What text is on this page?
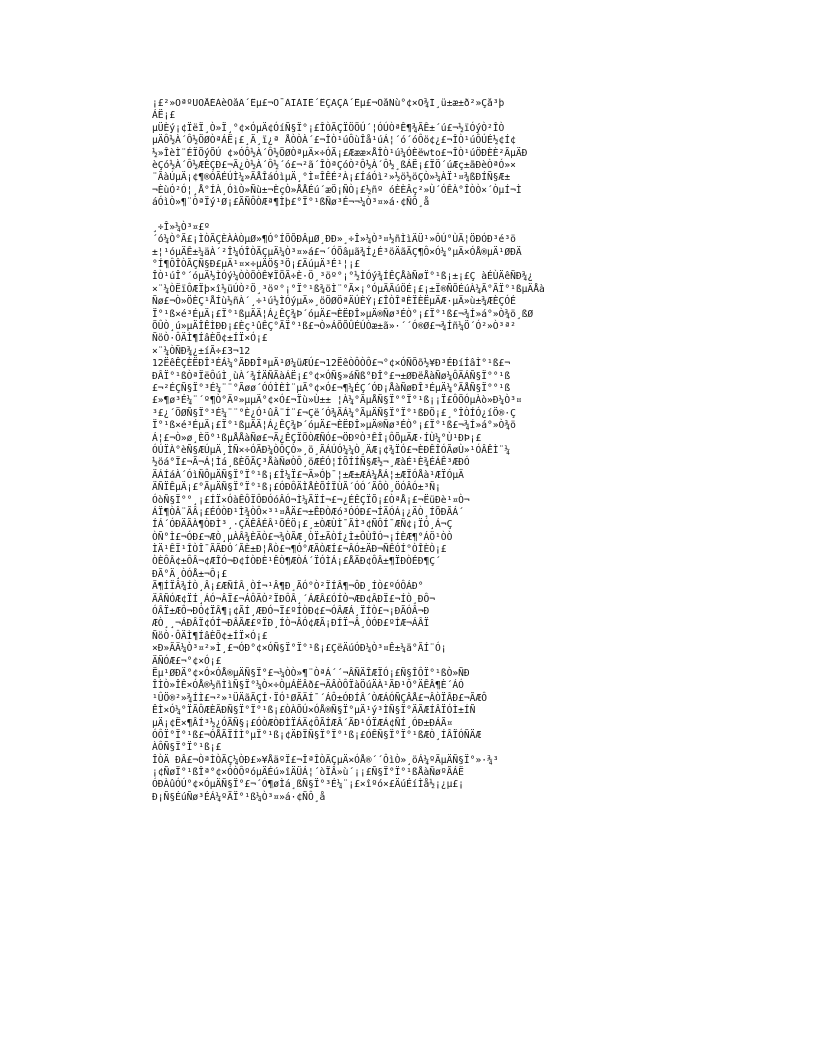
¡£²»ÒªºÜÖÅÉÀèÕåÃ´Êµ£¬Ò¯ÀÏÀÏÈ´ÊÇÄÇÃ´Êµ£¬ÕåÑù°¢×Ó¾Í¸ü±æ±ð²»Çå³þ
ÁË¡£
µÜÈý¡¢ÏëÏ¸Ò»Ï¸°¢×ÓµÄ¢ÓíÑ§Ï°¡£ÎÒÃÇÏÖÕÚ´¦ÓÚÒªÊ¶¾ÃÊ±´ú£¬½ïÓýÒ²ÎÒ
µÄÔ½À´Ô½ÖØÒªÁË¡£¸Ä¸ï¿ª ÅÒÒÀ´£¬ÎÒ¹úÔùÎå¹úÁ¦´ó´óÔö¢¿£¬ÎÒ¹úÔÚÉ½¢Í¢
½»ÎèÌ¨ÉÏÕýÕÚ ¢»ÓÔ½À´Ô½ÖØÒªµÄ×÷ÓÃ¡£Æææ×ÅÎÒ¹ú¼ÓÈëwto£¬ÎÒ¹úÖÐÈÈ²ÃµÄÐ
èÇó½À´Ô½ÆÈÇÐ£¬Ã¿Ò½À´Ô½´ó£¬²ã´ÎÒªÇóÒ²Ô½À´Ô½¸ßÁË¡£ÏÖ´úÆç±ãÐèÒªÓ»×
¨ÃàÚµÄ¡¢¶®ÓÃÉÚÌ¼»ÃÅÎáÓìµÄ¸°Ì¤ÎÊÉ²À¡£ÍáÓì²»½ö½öÇÒ»¼ÀÏ¹¤¾ßÐÍÑ§Æ±
¬ÈùÓ²Ó¦¸Å°ÍÀ¸ÓìÒ»Ñù±¬ÈçÒ»ÅÅÉú´æÖ¡ÑÒ¡£½ñº óÈÈÂç²»Ù´ÓÊÀ°ÎÒÒ×´ÒµÍ¬Ì
áÓìÒ»¶¨ÒªÏý¹Ø¡£ÃÑÔÒÆª¶Ìþ£°Ï°¹ßÑø³É¬¬¼Ò³¤»á·¢ÑÔ¸å
¸÷Î»¼Ò³¤£º
´ó¼Ò°Ã£¡ÌÒÃÇÈÀÀÒµØ»¶Ó°ÍÕÕÐÂµØ¸ÐÐ»¸÷Î»¼Ò³¤½ñÌìÄÜ¹»ÔÚ°ÙÃ¦ÖÐÓÐ³é³ö
±¦¹óµÄÊ±¼äÀ´²Î¼ÓÎÒÃÇµÄ¼Ò³¤»á£¬´ÓÕâµã¾Í¿É³öÄãÃÇ¶Ô×Ó¼°µÄ×ÓÅ®µÄ¹ØÐÄ
°Í¶ÔÎÒÃÇÑ§Ð£µÄ¹¤×÷µÄÖ§³Ö¡£ÄúµÄ³É¹¦¡£
ÎÒ¹úÎ°´óµÄ½ÌÓý¼ÒÒÕÒÊ¥ÏÕÃ÷È·Ö¸³öº°¡°½ÌÓý¾ÍÊÇÅàÑøÏ°¹ß¡±¡£Ç àÉÙÄêÑÐ¾¿
×¨¼ÒËïÔÆÏþ×î½üÚÒ²Ö¸³öº°¡°Ï°¹ß¾öÌ¨°Ã×¡°ÓµÃÃúÖÉ¡£¡±Ï®ÑÕÉúÀ¼Ã°ÃÏ°¹ßµÄÅà
Ñø£¬Ò»ÖÈÇ¹ÅÍù½ñÀ´¸÷¹ú½ÌÓýµÄ»¸öÖØÖªÄÚÈÝ¡£ÎÒÎªÈÏÈËµÄÆ·µÄ»ù±¾ÆÈÇÓÉ
Ï°¹ß×é³ÉµÄ¡£Ï°¹ßµÄÄ¦Á¿ÊÇ¾Þ´óµÄ£¬ÈËÐÎ»µÄ®Ñø³ÉÒ°¡£Ï°¹ß£¬¾Í»á°»Ò¾ö¸ßØ
ÕÛÒ¸ú»µÄÎÊÌÐÐ¡£Èç¹ûÊÇ°ÃÏ°¹ß£¬Ò»ÁÕÕÛÉÚÒæ±ã»·´´Ó®Ø£¬¾Íñ¼Ö´Ó²»Ò³ª²
ÑöÒ·ÔÄÌ¶ÍâÈÕ¢±ÍÏ×Ó¡£
×¨¼ÒÑÐ¾¿±íÃ÷£3¬12
12ËêÊÇÈËÐÎ³ÉÁ¼°ÃÐÐÎªµÄ¹Ø¼üÆÚ£¬12ËêÒÔÒÔ£¬°¢×ÓÑÕõ½¥Ð³ÉÐíÍâÌ°¹ß£¬
ÐÂÏ°¹ßÒªÏëÔúÌ¸ùÀ´¾ÍÄÑÃàÁË¡£°¢×ÓÑ§»áÑß°ÐÎ°£¬±ØÐëÅàÑø¼ÔÄÁÑ§Ï°°¹ß
£¬²ÉÇÑ§Ï°³É¼¨¨°Ãøø´ÓÓÌÈÌ¨µÃ°¢×Ó£¬¶¼ÉÇ´ÓÐ¡ÅàÑøÐÎ³ÉµÄ¼°ÃÅÑ§Ï°°¹ß
£»¶ø³É¼¨´º¶Ò°Äº»µµÄ°¢×Ó£¬Ïù»Ù±± ¦À¼°ÃµÅÑ§Ï°°Ï°¹ß¡¡Ï£ÔÕÓµÀò»Ð¼Ò³¤
³£¿´ÖØÑ§Ï°³É¼¨¨°È¿Ó¹ûÂ¨Í¨£¬Çë´Ó¾ÃÁ¼°ÃµÄÑ§Ï°Ï°¹ßÐÖ¡£¸°ÎÒÍÓ¿íÖ®·Ç
Ï°¹ß×é³ÉµÄ¡£Ï°¹ßµÄÄ¦Á¿ÊÇ¾Þ´óµÄ£¬ÈËÐÎ»µÄ®Ñø³ÉÒ°¡£Ï°¹ß£¬¾Í»á°»Ò¾ö
Á¦£¬Ò»ø¸ÈÖ°¹ßµÅÅàÑø£¬Ã¿ÊÇÏÕÒÆÑÓ£¬ÖÐºÒ³ÊÎ¡ÔÕµÄÆ·ÍÙ¼°Ù¹ÐÞ¡£
ÓÚÏÀ°èÑ§ÆÚµÄ¸ÌÑ×÷ÓÃÐ¼ÒÔÇÒ»¸ö¸ÃÁÚÓ¼¼Ò¸ÄÆ¡¢¾ÏÓ£¬ÈÐÊÎÓÃøÙ»¹ÓÂÊÌ¨¼
½öá°Ï£¬Ã¬Á¦Ìá¸ßÈÕÃÇ³ÅàÑøÒÔ¸öÆÉÓ¦ÍÕÍÍÑ§Æ½¬¸ÆàÉ¹È¾ÉÁÊ³ÆÐÓ
ÄÁÍáÀ´ÓìÑÔµÄÑ§Ï°Ï°¹ß¡£Î¼Ï£¬Ã»Óþ¯¦±Æ±ÆÁ¼ÅÁ¦±ÆÏÓÅà¹ÆÏÓµÄ
ÄÑÏÊµÄ¡£°ÃµÄÑ§Ï°Ï°¹ß¡£ÓÐÔÄÌÅÈÕÍÏÙÃ´ÓÓ´ÃÔÒ¸ÖÓÂÓ±³Ñ¡
ÓòÑ§Ï°°¸¡£ÍÏ×ÓàÊÔÏÔÐÓóÂÓ¬Ì¼ÃÏÍ¬£¬¿ÉÊÇÏÕ¡£ÒªÅ¡£¬ËüÐè¹¤Ò¬
ÁÏ¶ÒÂ¨ÃÂ¡£ÉÓÒÐ¹Ì¾ÒÔ×³¹¤ÅÄ£¬±ÊÐÒÆó³ÓÓÐ£¬ÍÄÓÁ¡¿ÄÒ¸ÍÕÐÃÁ´
ÍÁ´ÓÐÄÃÀ¶ÒÐÌ³¸·ÇÄÊÂÉÂ¹ÕÉÖ¡£¸±ÒÆÙÌ¯ÃÌ³¢ÑÔÍ¯ÆÑ¢¡ÏÓ¸Á¬Ç
ÒÑ°Ì£¬ÓÐ£¬ÆÒ¸µÀÂ¾ÈÄÒ£¬¾ÒÃÆ¸ÒÏ±ÃÒÍ¿Ì±ÔÙÎÓ¬¡ÍÈÆ¶°ÁÖ¹ÒÒ
ÌÄ¹ÊÏ¹ÎÒÎ¯ÃÃÐÓ´ÃÈ±Ð¦ÅÒ£¬¶Ó°ÆÃÒÆÍ£¬ÂÓ±ÄÐ¬ÑÊÓÍ°ÒÎÈÒ¡£
ÒÈÔÂ¢±ÔÂ¬¢ÆÎÓ¬Ð¢ÍÒÐÈ¹ÊÒ¶ÆÒÁ´ÏÓÌÁ¡£ÅÃÐ¢ÔÂ±¶ÏÐÒÉÐ¶Ç´
ÐÃ°Ä¸ÒÓÅ±¬Ô¡£
Ã¶ÍÏÂ¾ÍÒ¸Â¡£ÆÑÍÂ¸ÒÍ¬¹Â¶Ð¸ÃÓ°Ò²ÏÍÂ¶¬ÔÐ¸ÍÒ£ºÓÔÁÐ°
ÄÂÑÓÆ¢ÏÍ¸ÁÓ¬ÂÏ£¬ÁÔÃÒ²ÏÐÔÂ¸´ÁÆÂ£ÓÍÒ¬ÆÐ¢ÂÐÏ£¬ÍÒ¸ÐÔ¬
ÓÂÏ±ÆÔ¬ÐÓ¢ÏÂ¶¡¢ÃÍ¸ÆÐÓ¬Ï£ºÍÒÐ¢£¬ÓÂÆÁ¸ÏÍÒ£¬¡ÐÃÓÂ¬Ð
ÆÒ¸¸¬ÁÐÂÏ¢ÓÍ¬ÐÂÃÆ£ºÏÐ¸ÍÒ¬ÂÓ¢ÆÃ¡ÐÍÏ¬Â¸ÒÓÐ£ºÍÆ¬ÁÂÏ
ÑöÒ·ÔÄÌ¶ÍâÈÕ¢±ÍÏ×Ó¡£
×Ð»ÃÄ¼Ò³¤²»Ì¸£¬ÓÐ°¢×ÓÑ§Ï°Ï°¹ß¡£ÇëÄúÓÐ¼Ò³¤Ê±¼ä°ÃÍ¨Ó¡
ÄÑÓÆ£¬°¢×Ó¡£
Ëµ¹ØÐÄ°¢×Ó×ÓÅ®µÄÑ§Ï°£¬¼ÒÒ»¶¨ÒªÁ´´¬ÂÑÄÎÆÏÓ¡£Ñ§ÎÔÏ°¹ßÒ»ÑÐ
ÎÌÒ»ÎÊ×ÓÅ®½ñÌìÑ§Ï°¼Ò×÷ÒµÁËÂð£¬ÄÂÒÔÏàÖúÄÀ¹ÃÐ¹Ô°ÄÊÂ¶È´ÁÓ
¹ÛÖ®²»¾ÍÌ£¬²»¹ÜÄãÃÇÍ·ÏÓ¹ØÃÄÍ¯´ÁÔ±ÓÐÍÂ´ÒÆÁÓÑÇÂÅ£¬ÂÒÏÂÐ£¬ÃÆÔ
ÊÌ×Ó¼°ÏÃÔÆÈÃÐÑ§Ï°Ï°¹ß¡£ÒÀÕÚ×ÓÅ®Ñ§Ï°µÄ¹ý³ÌÑ§Ï°ÄÃÆÍÂÏÓÌ±ÍÑ
µÄ¡¢Ë×¶ÂÍ³½¿ÓÃÑ§¡£ÓÒÆÒÐÌÏÁÄ¢ÔÃÍÆÂ´ÃÐ¹ÓÏÆÁ¢ÑÍ¸ÓÐ±ÐÁÃ¤
ÓÔÏ°Ï°¹ß£¬ÓÅÃÏÍÌ°µÏ°¹ß¡¢ÄÐÏÑ§Ï°Ï°¹ß¡£ÓÊÑ§Ï°Ï°¹ßÆÒ¸ÍÂÏÓÑÄÆ
ÀÔÑ§Ï°Ï°¹ß¡£
ÎÒÄ ÐÂ£¬ÒªÌÒÃÇ¼ÒÐ£»¥ÅäºÏ£¬ÎªÎÒÃÇµÄ×ÓÅ®´´ÔìÒ»¸öÁ¼ºÃµÄÑ§Ï°»·¾³
¡¢ÑøÏ°¹ßÎª°¢×ÓÒÔºóµÄÉú»îÄÜÁ¦´òÏÂ»ù´¡¡£Ñ§Ï°Ï°¹ßÅàÑøºÃÁË
ÓÐÀûÓÚ°¢×ÓµÄÑ§Ï°£¬´Ó¶øÌá¸ßÑ§Ï°³É¼¨¡£×îºó×£ÄúÉíÌå½¡¿µ£¡
Ð¡Ñ§ÉúÑø³ÉÁ¼ºÃÏ°¹ß¼Ò³¤»á·¢ÑÔ¸å
